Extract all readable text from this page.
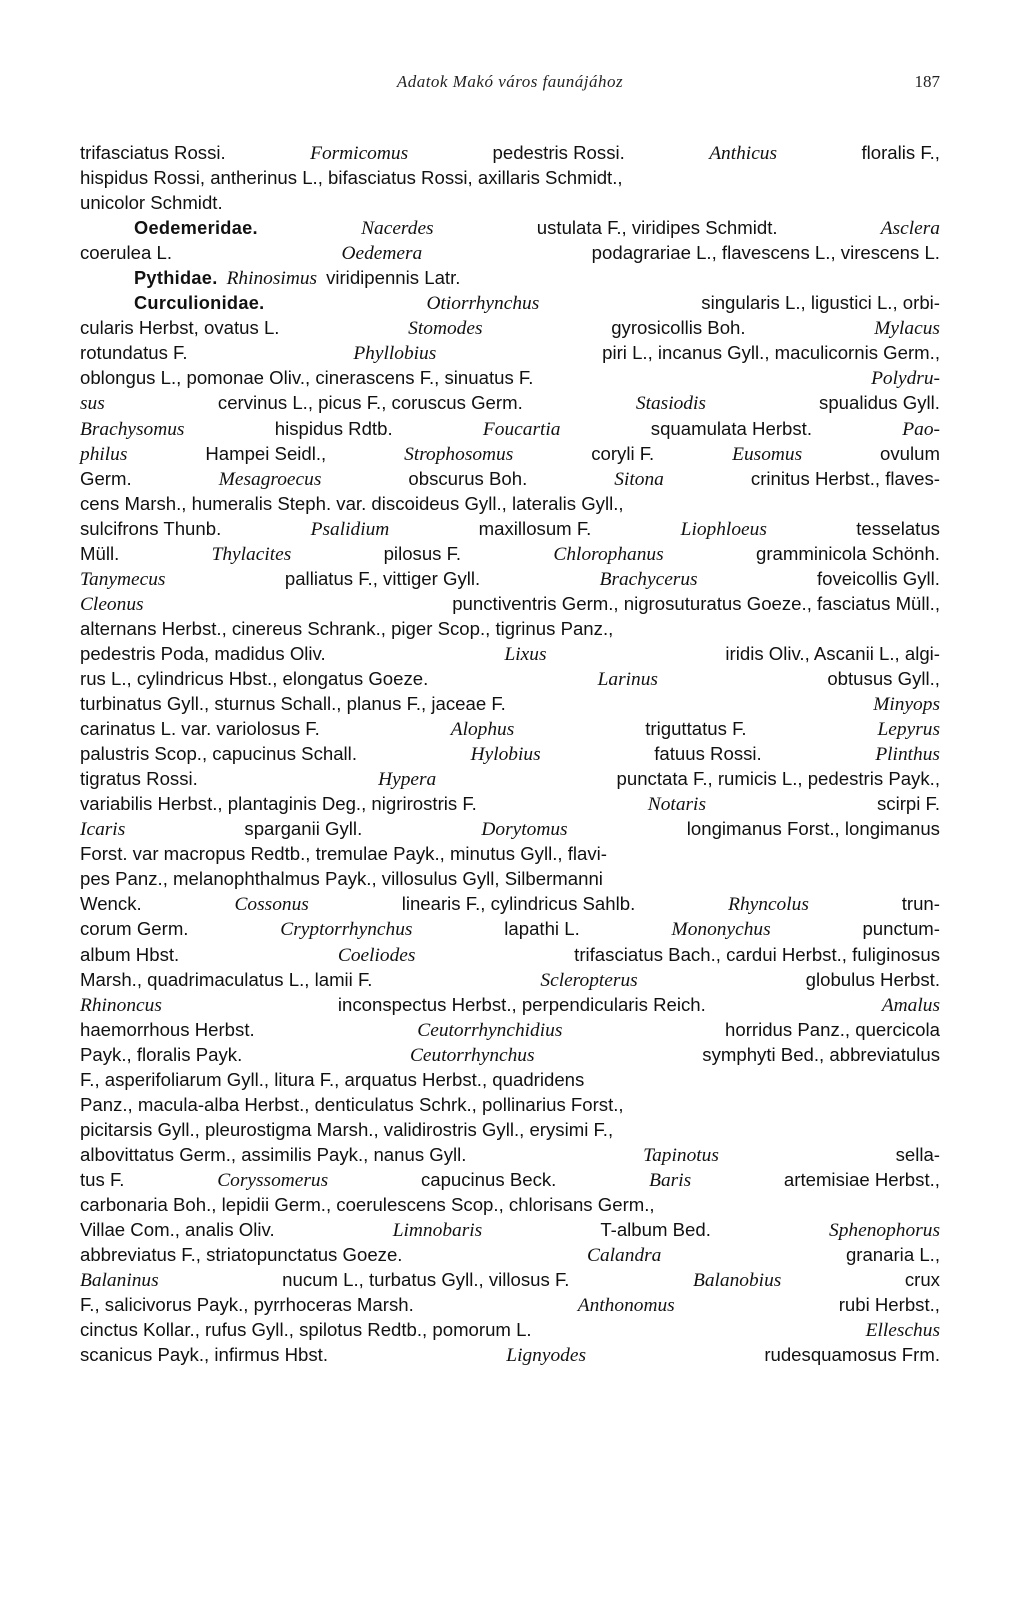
Adatok Makó város faunájához	187
trifasciatus Rossi.	Formicomus	pedestris Rossi.	Anthicus	floralis F.,
hispidus Rossi, antherinus L., bifasciatus Rossi, axillaris Schmidt.,
unicolor Schmidt.
Oedemeridae.	Nacerdes	ustulata F., viridipes Schmidt.	Asclera
coerulea L.	Oedemera	podagrariae L., flavescens L., virescens L.
Pythidae. Rhinosimus viridipennis Latr.
Curculionidae.	Otiorrhynchus	singularis L., ligustici L., orbi-
cularis Herbst, ovatus L.	Stomodes	gyrosicollis Boh.	Mylacus
rotundatus F.	Phyllobius	piri L., incanus Gyll., maculicornis Germ.,
oblongus L., pomonae Oliv., cinerascens F., sinuatus F.	Polydru-
sus	cervinus L., picus F., coruscus Germ.	Stasiodis	spualidus Gyll.
Brachysomus	hispidus Rdtb.	Foucartia	squamulata Herbst.	Pao-
philus	Hampei Seidl.,	Strophosomus	coryli F.	Eusomus	ovulum
Germ.	Mesagroecus	obscurus Boh.	Sitona	crinitus Herbst., flaves-
cens Marsh., humeralis Steph. var. discoideus Gyll., lateralis Gyll.,
sulcifrons Thunb.	Psalidium	maxillosum F.	Liophloeus	tesselatus
Müll.	Thylacites	pilosus F.	Chlorophanus	gramminicola Schönh.
Tanymecus	palliatus F., vittiger Gyll.	Brachycerus	foveicollis Gyll.
Cleonus	punctiventris Germ., nigrosuturatus Goeze., fasciatus Müll.,
alternans Herbst., cinereus Schrank., piger Scop., tigrinus Panz.,
pedestris Poda, madidus Oliv.	Lixus	iridis Oliv., Ascanii L., algi-
rus L., cylindricus Hbst., elongatus Goeze.	Larinus	obtusus Gyll.,
turbinatus Gyll., sturnus Schall., planus F., jaceae F.	Minyops
carinatus L. var. variolosus F.	Alophus	triguttatus F.	Lepyrus
palustris Scop., capucinus Schall.	Hylobius	fatuus Rossi.	Plinthus
tigratus Rossi.	Hypera	punctata F., rumicis L., pedestris Payk.,
variabilis Herbst., plantaginis Deg., nigrirostris F.	Notaris	scirpi F.
Icaris	sparganii Gyll.	Dorytomus	longimanus Forst., longimanus
Forst. var macropus Redtb., tremulae Payk., minutus Gyll., flavi-
pes Panz., melanophthalmus Payk., villosulus Gyll, Silbermanni
Wenck.	Cossonus	linearis F., cylindricus Sahlb.	Rhyncolus	trun-
corum Germ.	Cryptorrhynchus	lapathi L.	Mononychus	punctum-
album Hbst.	Coeliodes	trifasciatus Bach., cardui Herbst., fuliginosus
Marsh., quadrimaculatus L., lamii F.	Scleropterus	globulus Herbst.
Rhinoncus	inconspectus Herbst., perpendicularis Reich.	Amalus
haemorrhous Herbst.	Ceutorrhynchidius	horridus Panz., quercicola
Payk., floralis Payk.	Ceutorrhynchus	symphyti Bed., abbreviatulus
F., asperifoliarum Gyll., litura F., arquatus Herbst., quadridens
Panz., macula-alba Herbst., denticulatus Schrk., pollinarius Forst.,
picitarsis Gyll., pleurostigma Marsh., validirostris Gyll., erysimi F.,
albovittatus Germ., assimilis Payk., nanus Gyll.	Tapinotus	sella-
tus F.	Coryssomerus	capucinus Beck.	Baris	artemisiae Herbst.,
carbonaria Boh., lepidii Germ., coerulescens Scop., chlorisans Germ.,
Villae Com., analis Oliv.	Limnobaris	T-album Bed.	Sphenophorus
abbreviatus F., striatopunctatus Goeze.	Calandra	granaria L.,
Balaninus	nucum L., turbatus Gyll., villosus F.	Balanobius	crux
F., salicivorus Payk., pyrrhoceras Marsh.	Anthonomus	rubi Herbst.,
cinctus Kollar., rufus Gyll., spilotus Redtb., pomorum L.	Elleschus
scanicus Payk., infirmus Hbst.	Lignyodes	rudesquamosus Frm.
